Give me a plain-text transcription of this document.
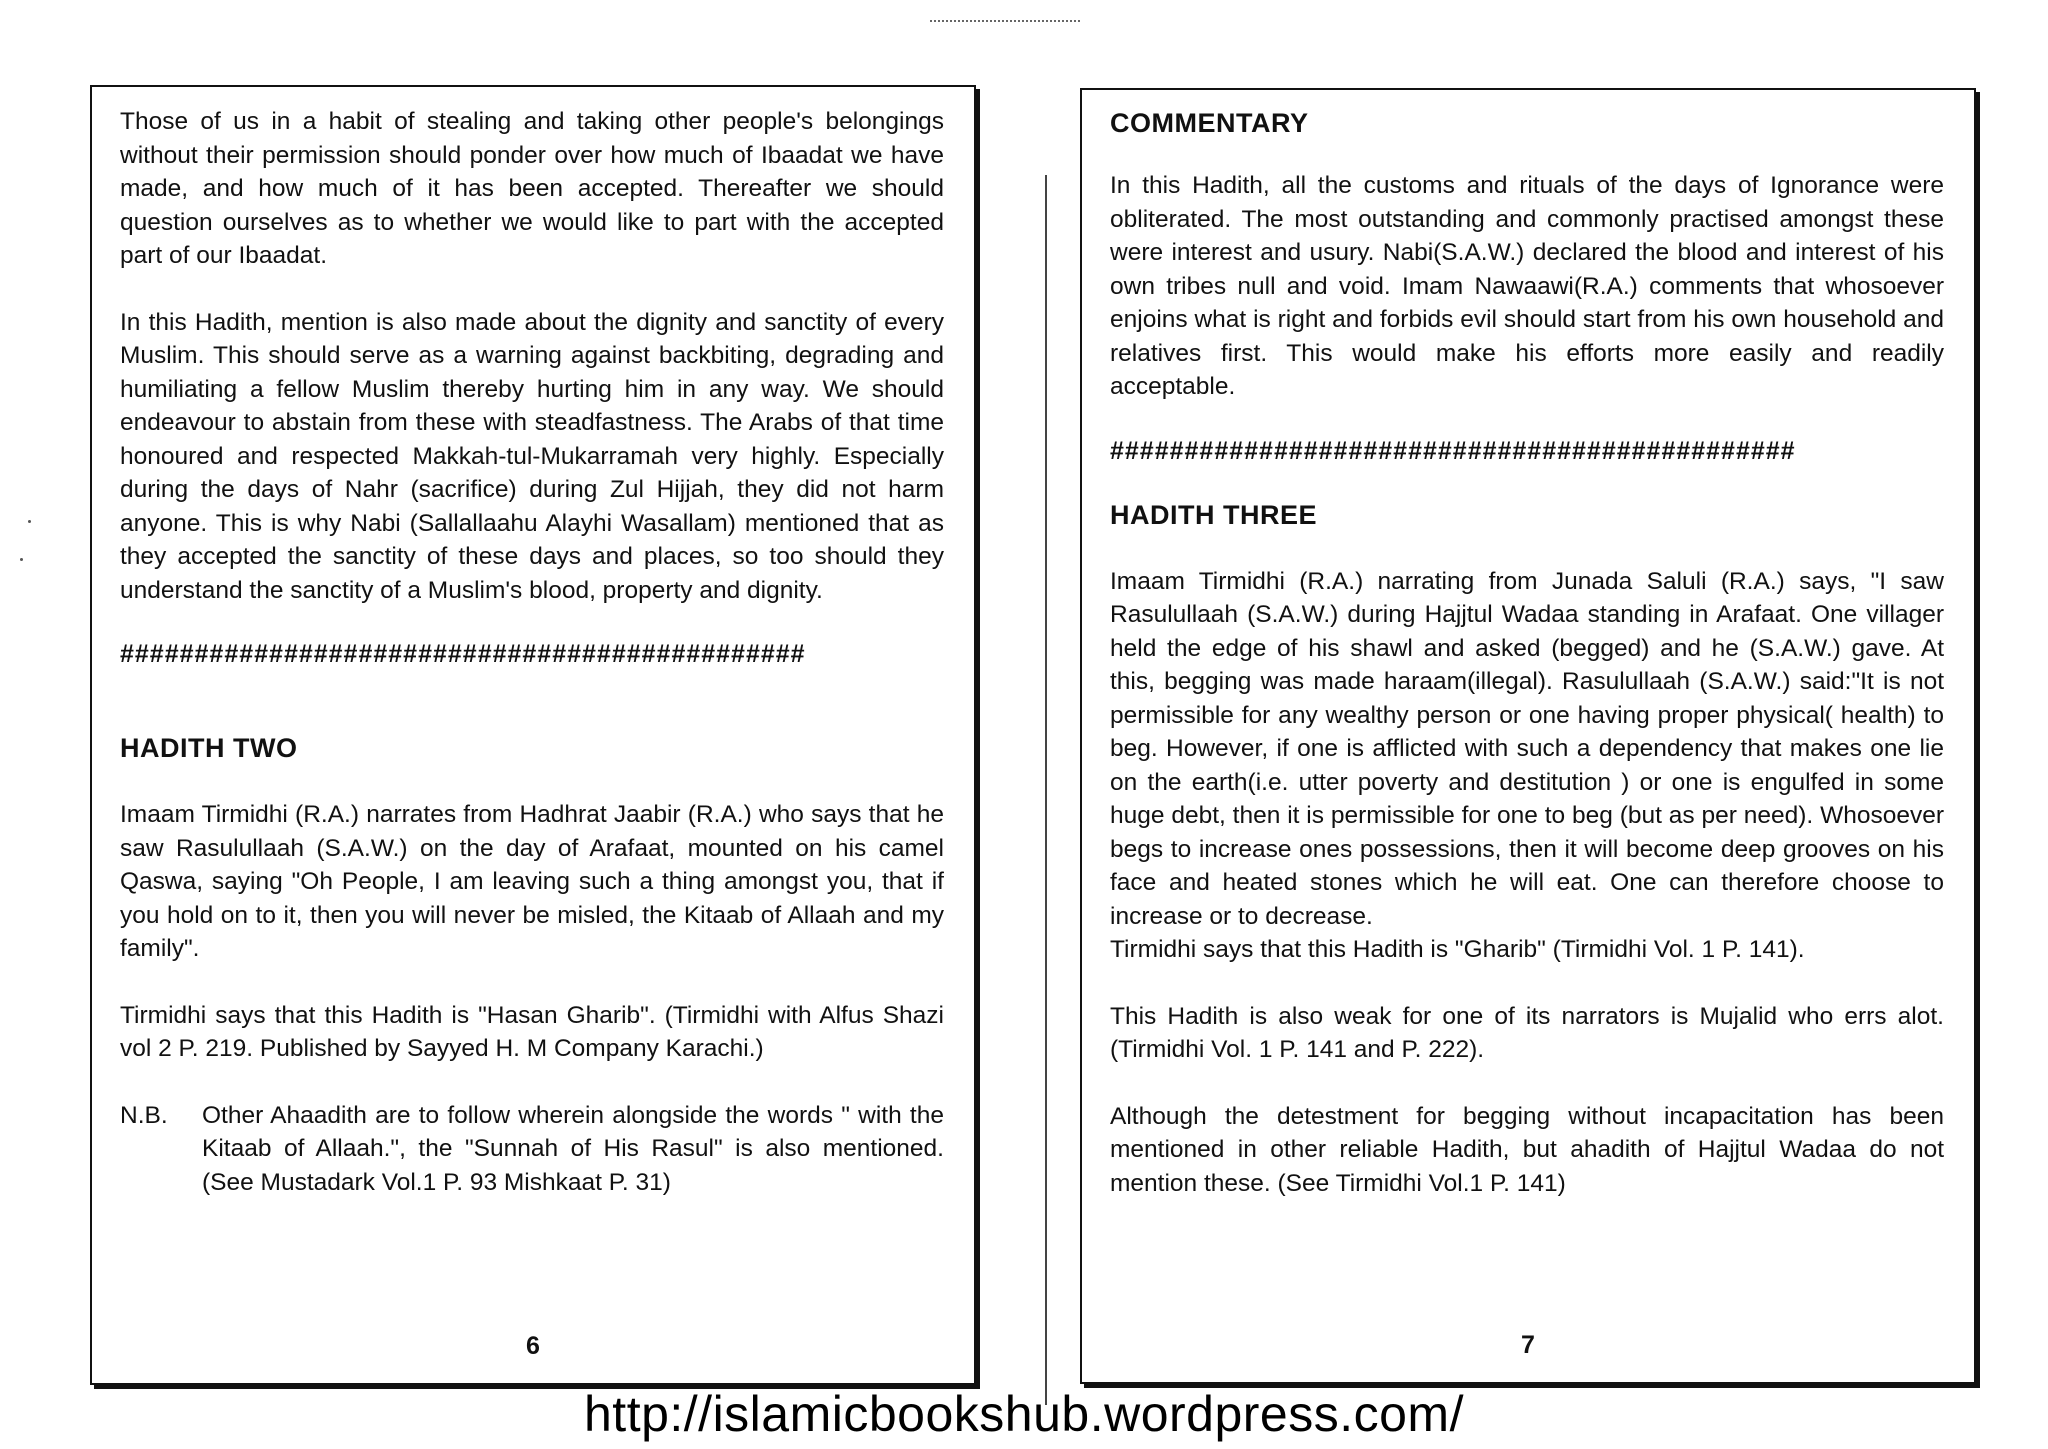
Those of us in a habit of stealing and taking other people's belongings without their permission should ponder over how much of Ibaadat we have made, and how much of it has been accepted. Thereafter we should question ourselves as to whether we would like to part with the accepted part of our Ibaadat.

In this Hadith, mention is also made about the dignity and sanctity of every Muslim. This should serve as a warning against backbiting, degrading and humiliating a fellow Muslim thereby hurting him in any way. We should endeavour to abstain from these with steadfastness. The Arabs of that time honoured and respected Makkah-tul-Mukarramah very highly. Especially during the days of Nahr (sacrifice) during Zul Hijjah, they did not harm anyone. This is why Nabi (Sallallaahu Alayhi Wasallam) mentioned that as they accepted the sanctity of these days and places, so too should they understand the sanctity of a Muslim's blood, property and dignity.

##############################################
HADITH TWO

Imaam Tirmidhi (R.A.) narrates from Hadhrat Jaabir (R.A.) who says that he saw Rasulullaah (S.A.W.) on the day of Arafaat, mounted on his camel Qaswa, saying "Oh People, I am leaving such a thing amongst you, that if you hold on to it, then you will never be misled, the Kitaab of Allaah and my family".

Tirmidhi says that this Hadith is "Hasan Gharib". (Tirmidhi with Alfus Shazi vol 2 P. 219. Published by Sayyed H. M Company Karachi.)

N.B.	Other Ahaadith are to follow wherein alongside the words " with the Kitaab of Allaah.", the "Sunnah of His Rasul" is also mentioned. (See Mustadark Vol.1 P. 93 Mishkaat P. 31)
6
COMMENTARY

In this Hadith, all the customs and rituals of the days of Ignorance were obliterated. The most outstanding and commonly practised amongst these were interest and usury. Nabi(S.A.W.) declared the blood and interest of his own tribes null and void. Imam Nawaawi(R.A.) comments that whosoever enjoins what is right and forbids evil should start from his own household and relatives first. This would make his efforts more easily and readily acceptable.

##############################################
HADITH THREE

Imaam Tirmidhi (R.A.) narrating from Junada Saluli (R.A.) says, "I saw Rasulullaah (S.A.W.) during Hajjtul Wadaa standing in Arafaat. One villager held the edge of his shawl and asked (begged) and he (S.A.W.) gave. At this, begging was made haraam(illegal). Rasulullaah (S.A.W.) said:"It is not permissible for any wealthy person or one having proper physical( health) to beg. However, if one is afflicted with such a dependency that makes one lie on the earth(i.e. utter poverty and destitution ) or one is engulfed in some huge debt, then it is permissible for one to beg (but as per need). Whosoever begs to increase ones possessions, then it will become deep grooves on his face and heated stones which he will eat. One can therefore choose to increase or to decrease.

Tirmidhi says that this Hadith is "Gharib" (Tirmidhi Vol. 1 P. 141).

This Hadith is also weak for one of its narrators is Mujalid who errs alot. (Tirmidhi Vol. 1 P. 141 and P. 222).

Although the detestment for begging without incapacitation has been mentioned in other reliable Hadith, but ahadith of Hajjtul Wadaa do not mention these. (See Tirmidhi Vol.1 P. 141)

7
http://islamicbookshub.wordpress.com/
